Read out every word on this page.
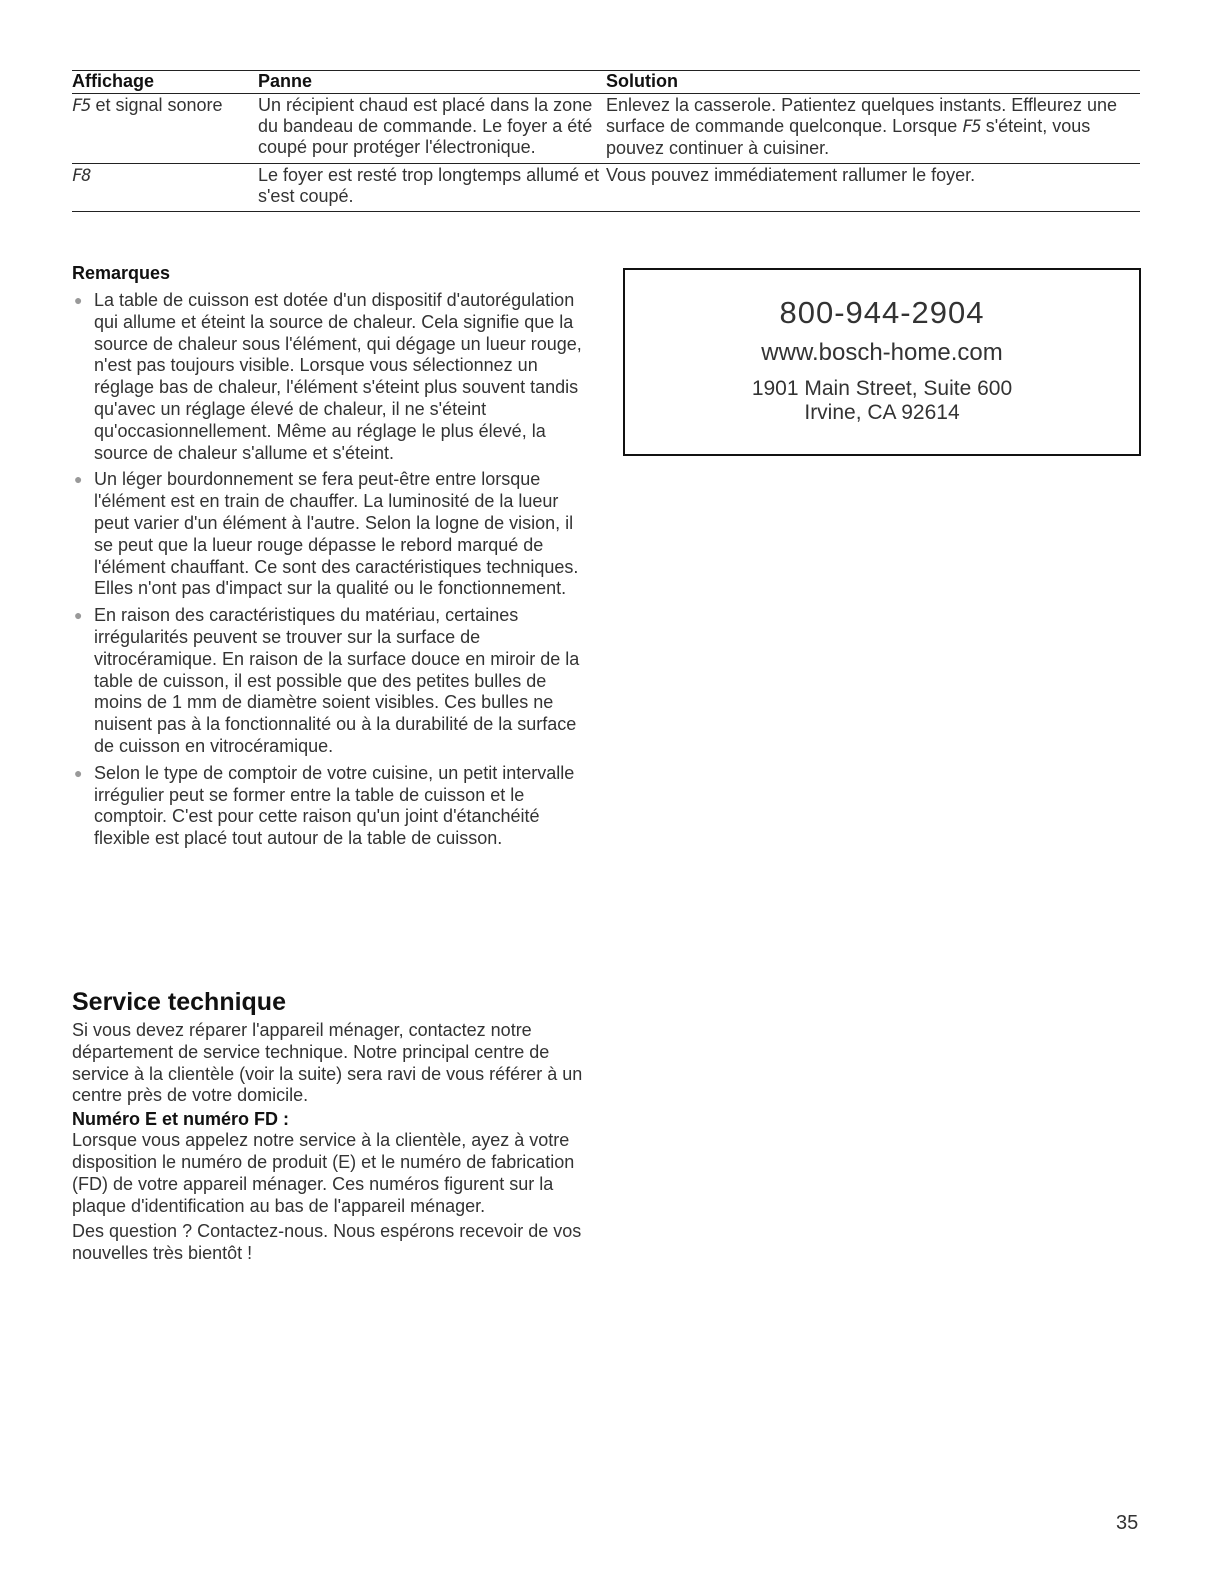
Affichage	Panne	Solution
F5 et signal sonore	Un récipient chaud est placé dans la zone du bandeau de commande. Le foyer a été coupé pour protéger l'électronique.	Enlevez la casserole. Patientez quelques instants. Effleurez une surface de commande quelconque. Lorsque F5 s'éteint, vous pouvez continuer à cuisiner.
F8	Le foyer est resté trop longtemps allumé et s'est coupé.	Vous pouvez immédiatement rallumer le foyer.
Remarques
● La table de cuisson est dotée d'un dispositif d'autorégulation qui allume et éteint la source de chaleur. Cela signifie que la source de chaleur sous l'élément, qui dégage un lueur rouge, n'est pas toujours visible. Lorsque vous sélectionnez un réglage bas de chaleur, l'élément s'éteint plus souvent tandis qu'avec un réglage élevé de chaleur, il ne s'éteint qu'occasionnellement. Même au réglage le plus élevé, la source de chaleur s'allume et s'éteint.
● Un léger bourdonnement se fera peut-être entre lorsque l'élément est en train de chauffer. La luminosité de la lueur peut varier d'un élément à l'autre. Selon la logne de vision, il se peut que la lueur rouge dépasse le rebord marqué de l'élément chauffant. Ce sont des caractéristiques techniques. Elles n'ont pas d'impact sur la qualité ou le fonctionnement.
● En raison des caractéristiques du matériau, certaines irrégularités peuvent se trouver sur la surface de vitrocéramique. En raison de la surface douce en miroir de la table de cuisson, il est possible que des petites bulles de moins de 1 mm de diamètre soient visibles. Ces bulles ne nuisent pas à la fonctionnalité ou à la durabilité de la surface de cuisson en vitrocéramique.
● Selon le type de comptoir de votre cuisine, un petit intervalle irrégulier peut se former entre la table de cuisson et le comptoir. C'est pour cette raison qu'un joint d'étanchéité flexible est placé tout autour de la table de cuisson.
Service technique

Si vous devez réparer l'appareil ménager, contactez notre département de service technique. Notre principal centre de service à la clientèle (voir la suite) sera ravi de vous référer à un centre près de votre domicile.

Numéro E et numéro FD :

Lorsque vous appelez notre service à la clientèle, ayez à votre disposition le numéro de produit (E) et le numéro de fabrication (FD) de votre appareil ménager. Ces numéros figurent sur la plaque d'identification au bas de l'appareil ménager.

Des question ? Contactez-nous. Nous espérons recevoir de vos nouvelles très bientôt !

800-944-2904
www.bosch-home.com
1901 Main Street, Suite 600
Irvine, CA 92614
35
